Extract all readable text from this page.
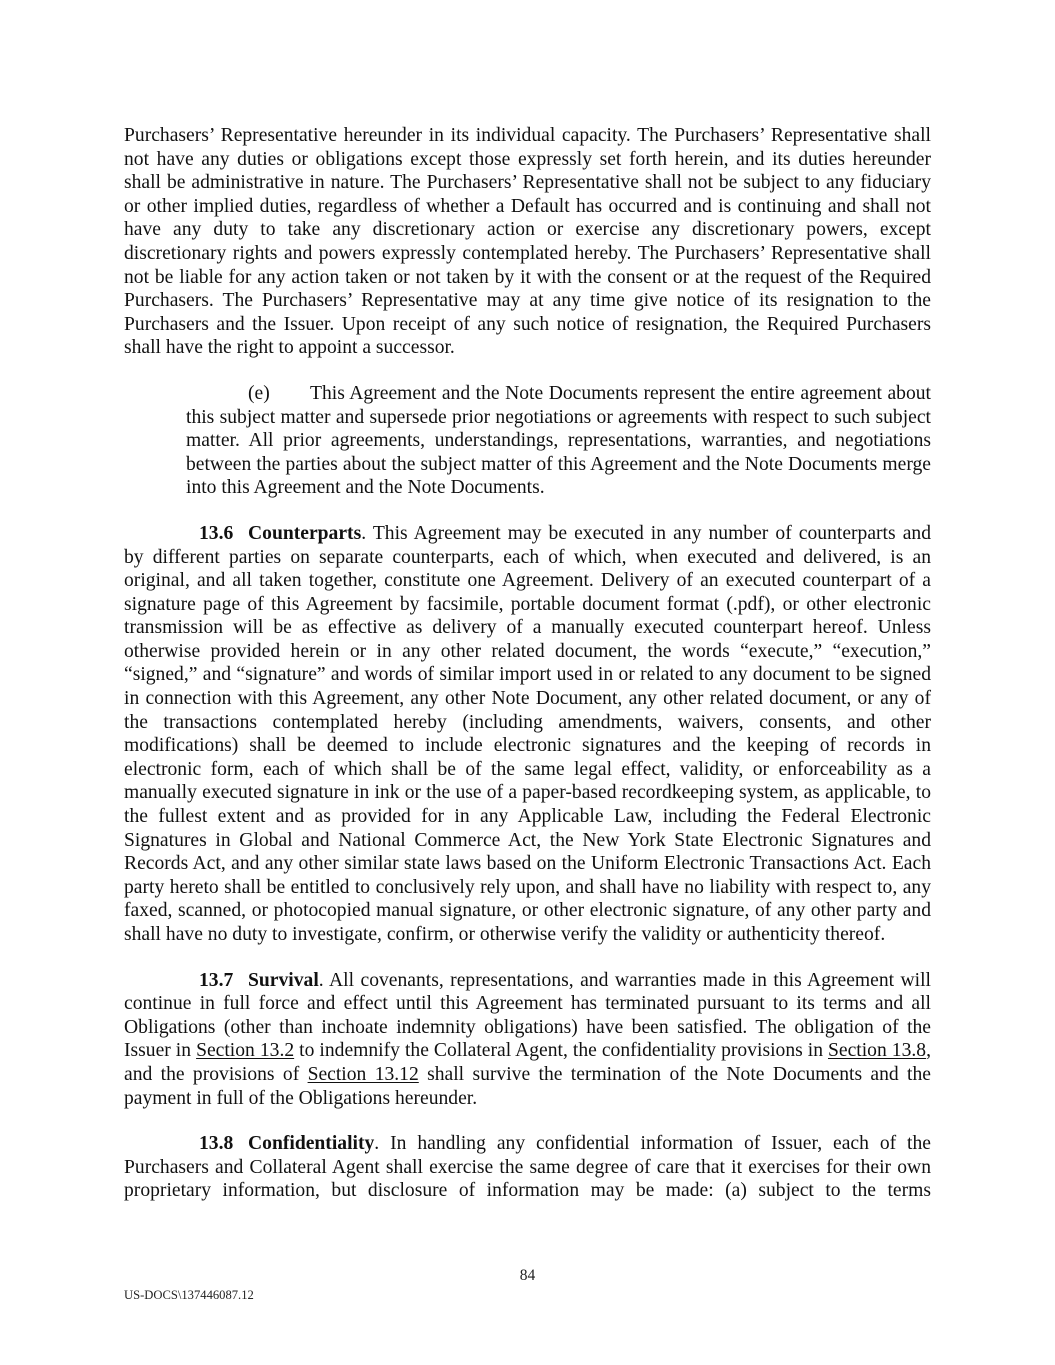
Purchasers’ Representative hereunder in its individual capacity. The Purchasers’ Representative shall not have any duties or obligations except those expressly set forth herein, and its duties hereunder shall be administrative in nature. The Purchasers’ Representative shall not be subject to any fiduciary or other implied duties, regardless of whether a Default has occurred and is continuing and shall not have any duty to take any discretionary action or exercise any discretionary powers, except discretionary rights and powers expressly contemplated hereby. The Purchasers’ Representative shall not be liable for any action taken or not taken by it with the consent or at the request of the Required Purchasers. The Purchasers’ Representative may at any time give notice of its resignation to the Purchasers and the Issuer. Upon receipt of any such notice of resignation, the Required Purchasers shall have the right to appoint a successor.

(e) This Agreement and the Note Documents represent the entire agreement about this subject matter and supersede prior negotiations or agreements with respect to such subject matter. All prior agreements, understandings, representations, warranties, and negotiations between the parties about the subject matter of this Agreement and the Note Documents merge into this Agreement and the Note Documents.

13.6 Counterparts. This Agreement may be executed in any number of counterparts and by different parties on separate counterparts, each of which, when executed and delivered, is an original, and all taken together, constitute one Agreement. Delivery of an executed counterpart of a signature page of this Agreement by facsimile, portable document format (.pdf), or other electronic transmission will be as effective as delivery of a manually executed counterpart hereof. Unless otherwise provided herein or in any other related document, the words “execute,” “execution,” “signed,” and “signature” and words of similar import used in or related to any document to be signed in connection with this Agreement, any other Note Document, any other related document, or any of the transactions contemplated hereby (including amendments, waivers, consents, and other modifications) shall be deemed to include electronic signatures and the keeping of records in electronic form, each of which shall be of the same legal effect, validity, or enforceability as a manually executed signature in ink or the use of a paper-based recordkeeping system, as applicable, to the fullest extent and as provided for in any Applicable Law, including the Federal Electronic Signatures in Global and National Commerce Act, the New York State Electronic Signatures and Records Act, and any other similar state laws based on the Uniform Electronic Transactions Act. Each party hereto shall be entitled to conclusively rely upon, and shall have no liability with respect to, any faxed, scanned, or photocopied manual signature, or other electronic signature, of any other party and shall have no duty to investigate, confirm, or otherwise verify the validity or authenticity thereof.

13.7 Survival. All covenants, representations, and warranties made in this Agreement will continue in full force and effect until this Agreement has terminated pursuant to its terms and all Obligations (other than inchoate indemnity obligations) have been satisfied. The obligation of the Issuer in Section 13.2 to indemnify the Collateral Agent, the confidentiality provisions in Section 13.8, and the provisions of Section 13.12 shall survive the termination of the Note Documents and the payment in full of the Obligations hereunder.

13.8 Confidentiality. In handling any confidential information of Issuer, each of the Purchasers and Collateral Agent shall exercise the same degree of care that it exercises for their own proprietary information, but disclosure of information may be made: (a) subject to the terms

84
US-DOCS\137446087.12
